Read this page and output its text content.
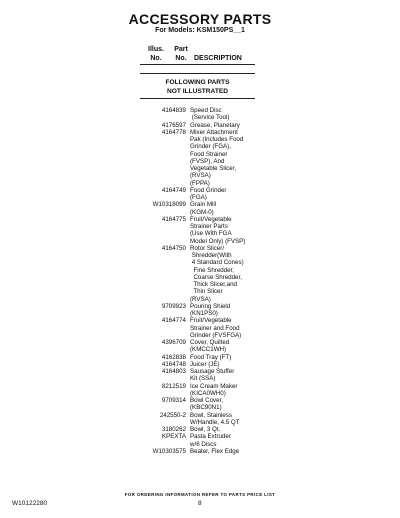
ACCESSORY PARTS
For Models: KSM150PS__1
Illus.
No.
Part
No.	DESCRIPTION
FOLLOWING PARTS
NOT ILLUSTRATED
4164839 Speed Disc
(Service Tool)
4176597 Grease, Planetary
4164778 Mixer Attachment
Pak (Includes Food
Grinder (FGA),
Food Strainer
(FVSP), And
Vegetable Slicer,
(RVSA)
(FPPA)
4164749 Food Grinder
(FGA)
W10318099 Grain Mill
(KGM-0)
4164775 Fruit/Vegetable
Strainer Parts
(Use With FGA
Model Only) (FVSP)
4164750 Rotor Slicer/
Shredder(With
4 Standard Cones)
Fine Shredder,
Coarse Shredder,
Thick Slicer,and
Thin Slicer
(RVSA)
9709923 Pouring Shield
(KN1PS0)
4164774 Fruit/Vegetable
Strainer and Food
Grinder (FVSFGA)
4396709 Cover, Quilted
(KMCC1WH)
4162838 Food Tray (FT)
4164748 Juicer (JE)
4164803 Sausage Stuffer
Kit (SSA)
8212519 Ice Cream Maker
(KICA0WH0)
9709314 Bowl Cover,
(KBC90N1)
242550-2 Bowl, Stainless
W/Handle, 4.5 QT
3180262 Bowl, 3 Qt.
KPEXTA Pasta Extruder
w/6 Discs
W10303575 Beater, Flex Edge
FOR ORDERING INFORMATION REFER TO PARTS PRICE LIST
W10122280	8
